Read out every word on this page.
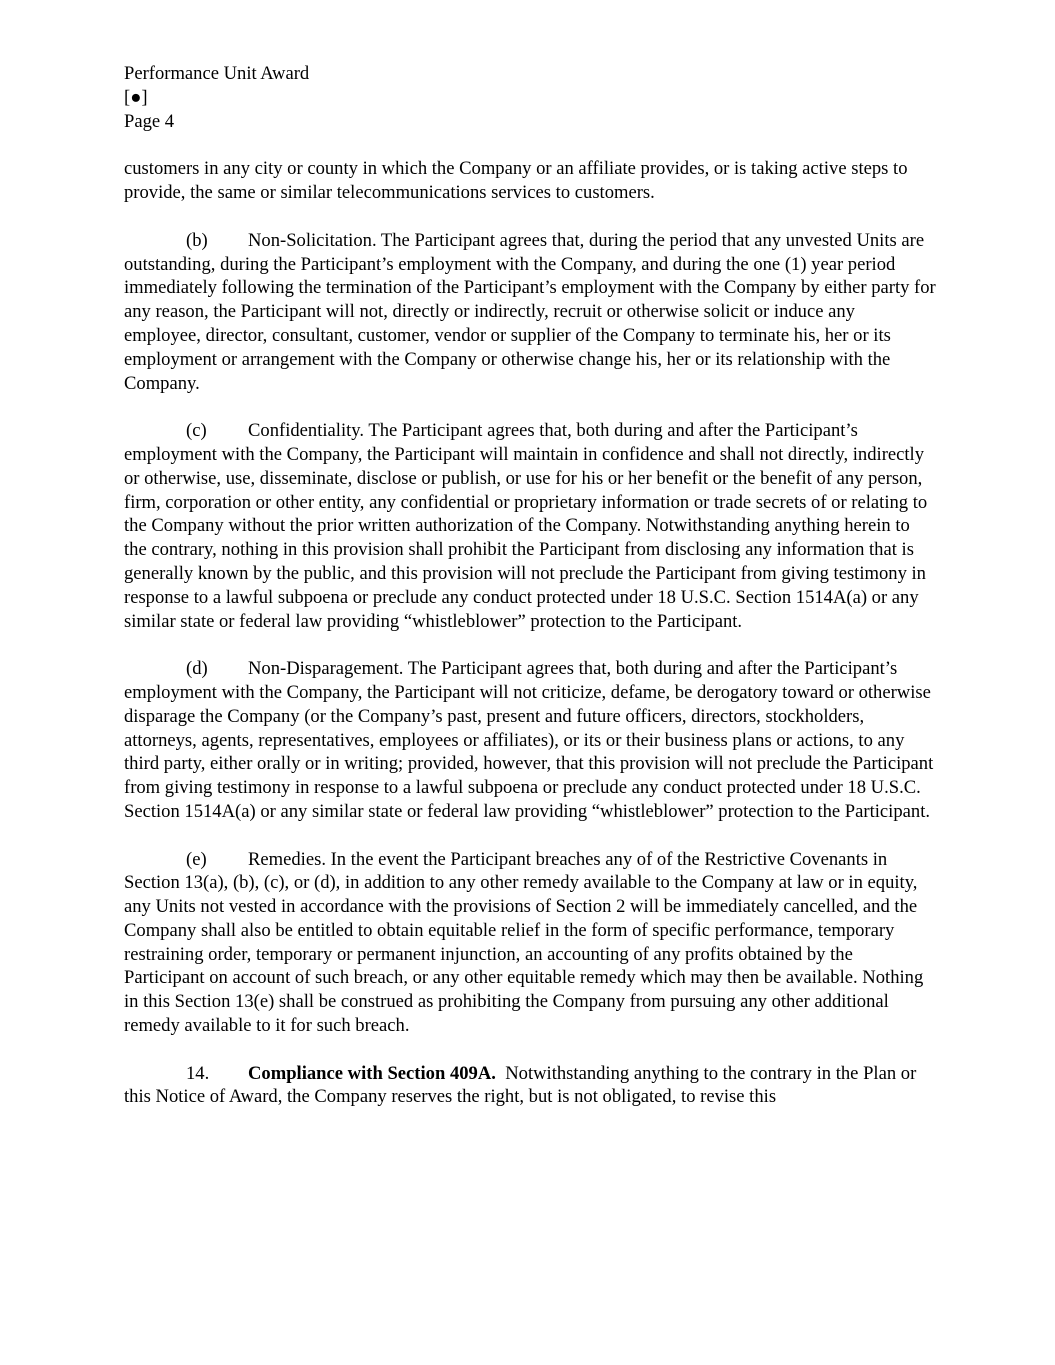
Performance Unit Award
[●]
Page 4

customers in any city or county in which the Company or an affiliate provides, or is taking active steps to provide, the same or similar telecommunications services to customers.

(b) Non-Solicitation. The Participant agrees that, during the period that any unvested Units are outstanding, during the Participant’s employment with the Company, and during the one (1) year period immediately following the termination of the Participant’s employment with the Company by either party for any reason, the Participant will not, directly or indirectly, recruit or otherwise solicit or induce any employee, director, consultant, customer, vendor or supplier of the Company to terminate his, her or its employment or arrangement with the Company or otherwise change his, her or its relationship with the Company.

(c) Confidentiality. The Participant agrees that, both during and after the Participant’s employment with the Company, the Participant will maintain in confidence and shall not directly, indirectly or otherwise, use, disseminate, disclose or publish, or use for his or her benefit or the benefit of any person, firm, corporation or other entity, any confidential or proprietary information or trade secrets of or relating to the Company without the prior written authorization of the Company. Notwithstanding anything herein to the contrary, nothing in this provision shall prohibit the Participant from disclosing any information that is generally known by the public, and this provision will not preclude the Participant from giving testimony in response to a lawful subpoena or preclude any conduct protected under 18 U.S.C. Section 1514A(a) or any similar state or federal law providing “whistleblower” protection to the Participant.

(d) Non-Disparagement. The Participant agrees that, both during and after the Participant’s employment with the Company, the Participant will not criticize, defame, be derogatory toward or otherwise disparage the Company (or the Company’s past, present and future officers, directors, stockholders, attorneys, agents, representatives, employees or affiliates), or its or their business plans or actions, to any third party, either orally or in writing; provided, however, that this provision will not preclude the Participant from giving testimony in response to a lawful subpoena or preclude any conduct protected under 18 U.S.C. Section 1514A(a) or any similar state or federal law providing “whistleblower” protection to the Participant.

(e) Remedies. In the event the Participant breaches any of of the Restrictive Covenants in Section 13(a), (b), (c), or (d), in addition to any other remedy available to the Company at law or in equity, any Units not vested in accordance with the provisions of Section 2 will be immediately cancelled, and the Company shall also be entitled to obtain equitable relief in the form of specific performance, temporary restraining order, temporary or permanent injunction, an accounting of any profits obtained by the Participant on account of such breach, or any other equitable remedy which may then be available. Nothing in this Section 13(e) shall be construed as prohibiting the Company from pursuing any other additional remedy available to it for such breach.

14. Compliance with Section 409A.  Notwithstanding anything to the contrary in the Plan or this Notice of Award, the Company reserves the right, but is not obligated, to revise this
